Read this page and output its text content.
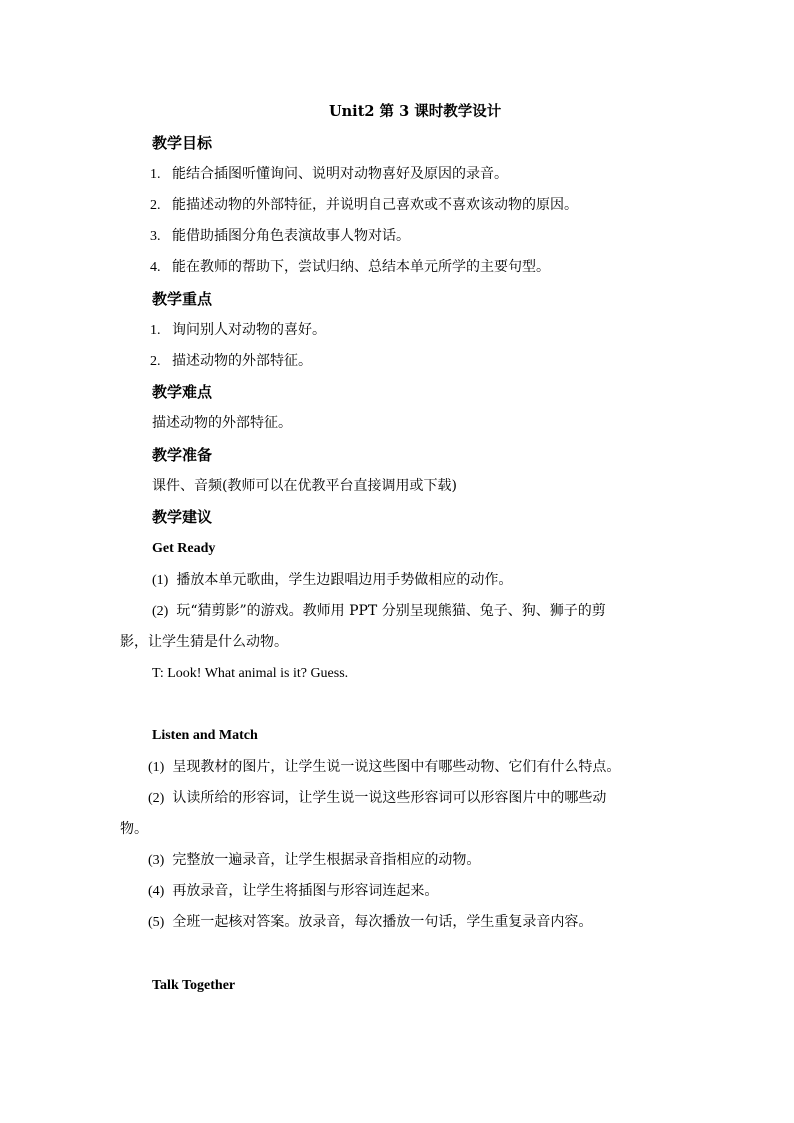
Unit2 第 3 课时教学设计
教学目标
1. 能结合插图听懂询问、说明对动物喜好及原因的录音。
2. 能描述动物的外部特征，并说明自己喜欢或不喜欢该动物的原因。
3. 能借助插图分角色表演故事人物对话。
4. 能在教师的帮助下，尝试归纳、总结本单元所学的主要句型。
教学重点
1. 询问别人对动物的喜好。
2. 描述动物的外部特征。
教学难点
描述动物的外部特征。
教学准备
课件、音频(教师可以在优教平台直接调用或下载)
教学建议
Get Ready
(1) 播放本单元歌曲，学生边跟唱边用手势做相应的动作。
(2) 玩“猜剪影”的游戏。教师用 PPT 分别呈现熊猫、兔子、狗、狮子的剪
影，让学生猜是什么动物。
T: Look! What animal is it? Guess.
Listen and Match
(1) 呈现教材的图片，让学生说一说这些图中有哪些动物、它们有什么特点。
(2) 认读所给的形容词，让学生说一说这些形容词可以形容图片中的哪些动
物。
(3) 完整放一遍录音，让学生根据录音指相应的动物。
(4) 再放录音，让学生将插图与形容词连起来。
(5) 全班一起核对答案。放录音，每次播放一句话，学生重复录音内容。
Talk Together
